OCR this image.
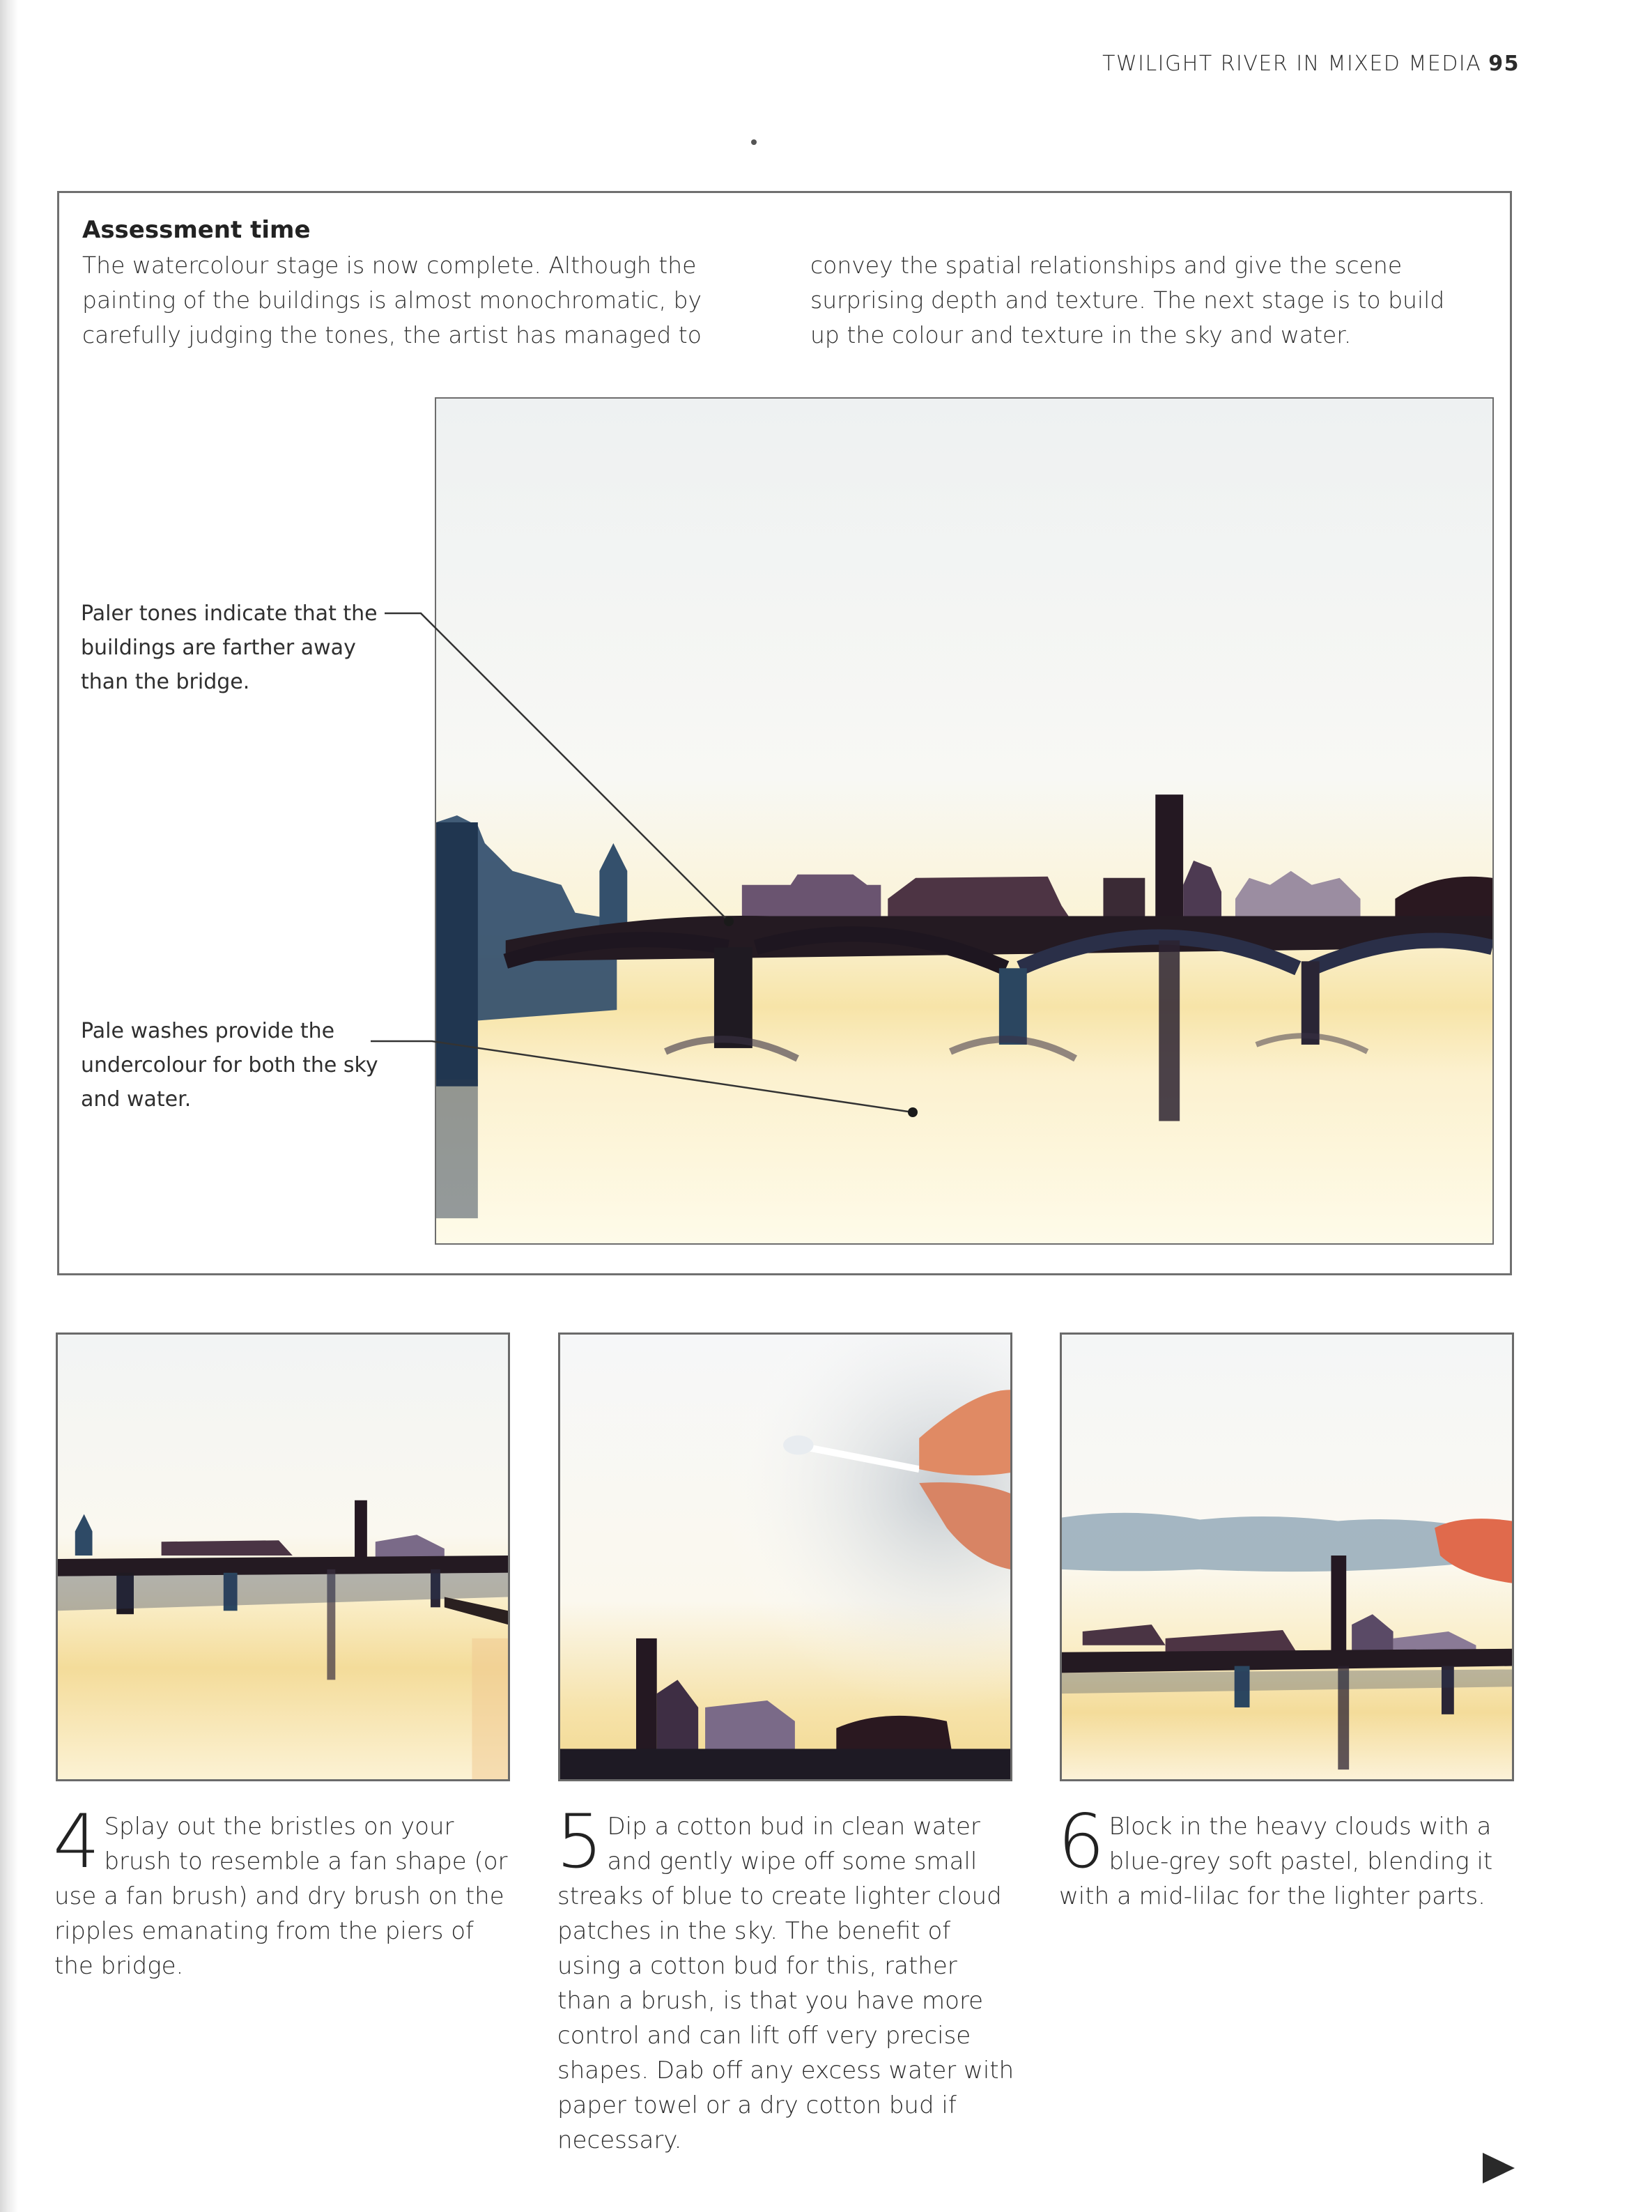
TWILIGHT RIVER IN MIXED MEDIA 95
Assessment time
The watercolour stage is now complete. Although the painting of the buildings is almost monochromatic, by carefully judging the tones, the artist has managed to
convey the spatial relationships and give the scene surprising depth and texture. The next stage is to build up the colour and texture in the sky and water.
Paler tones indicate that the buildings are farther away than the bridge.
Pale washes provide the undercolour for both the sky and water.
4 Splay out the bristles on your brush to resemble a fan shape (or use a fan brush) and dry brush on the ripples emanating from the piers of the bridge.
5 Dip a cotton bud in clean water and gently wipe off some small streaks of blue to create lighter cloud patches in the sky. The benefit of using a cotton bud for this, rather than a brush, is that you have more control and can lift off very precise shapes. Dab off any excess water with paper towel or a dry cotton bud if necessary.
6 Block in the heavy clouds with a blue-grey soft pastel, blending it with a mid-lilac for the lighter parts.
